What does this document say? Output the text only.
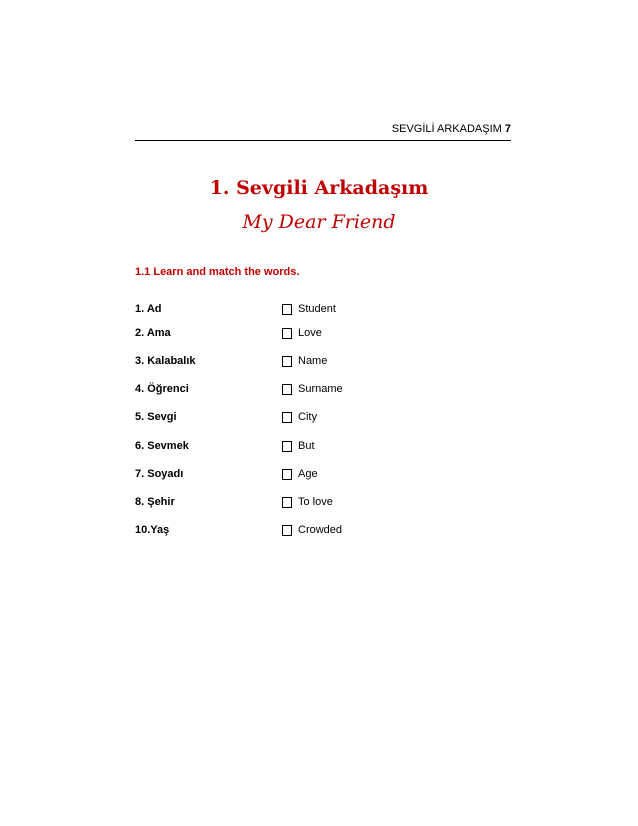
SEVGİLİ ARKADAŞIM 7
1. Sevgili Arkadaşım
My Dear Friend
1.1 Learn and match the words.
1. Ad	Student
2. Ama	Love
3. Kalabalık	Name
4. Öğrenci	Surname
5. Sevgi	City
6. Sevmek	But
7. Soyadı	Age
8. Şehir	To love
10.Yaş	Crowded
